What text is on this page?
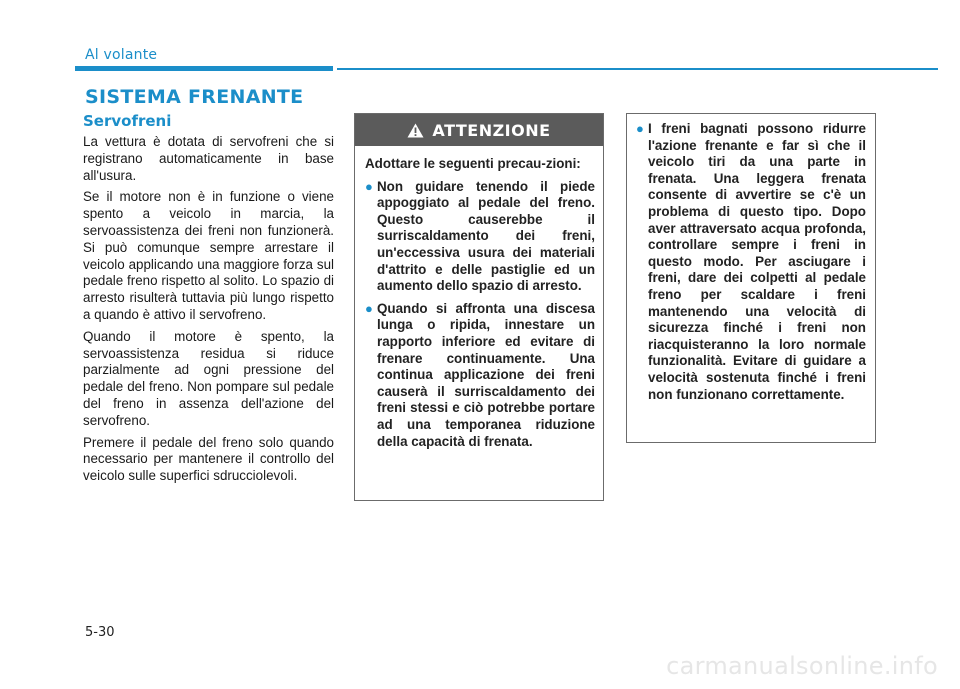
Al volante
SISTEMA FRENANTE
Servofreni

La vettura è dotata di servofreni che si registrano automaticamente in base all'usura.

Se il motore non è in funzione o viene spento a veicolo in marcia, la servoassistenza dei freni non funzionerà. Si può comunque sempre arrestare il veicolo applicando una maggiore forza sul pedale freno rispetto al solito. Lo spazio di arresto risulterà tuttavia più lungo rispetto a quando è attivo il servofreno.

Quando il motore è spento, la servoassistenza residua si riduce parzialmente ad ogni pressione del pedale del freno. Non pompare sul pedale del freno in assenza dell'azione del servofreno.

Premere il pedale del freno solo quando necessario per mantenere il controllo del veicolo sulle superfici sdrucciolevoli.

ATTENZIONE
Adottare le seguenti precau-zioni:
● Non guidare tenendo il piede appoggiato al pedale del freno. Questo causerebbe il surriscaldamento dei freni, un'eccessiva usura dei materiali d'attrito e delle pastiglie ed un aumento dello spazio di arresto.
● Quando si affronta una discesa lunga o ripida, innestare un rapporto inferiore ed evitare di frenare continuamente. Una continua applicazione dei freni causerà il surriscaldamento dei freni stessi e ciò potrebbe portare ad una temporanea riduzione della capacità di frenata.
● I freni bagnati possono ridurre l'azione frenante e far sì che il veicolo tiri da una parte in frenata. Una leggera frenata consente di avvertire se c'è un problema di questo tipo. Dopo aver attraversato acqua profonda, controllare sempre i freni in questo modo. Per asciugare i freni, dare dei colpetti al pedale freno per scaldare i freni mantenendo una velocità di sicurezza finché i freni non riacquisteranno la loro normale funzionalità. Evitare di guidare a velocità sostenuta finché i freni non funzionano correttamente.
5-30
carmanualsonline.info
